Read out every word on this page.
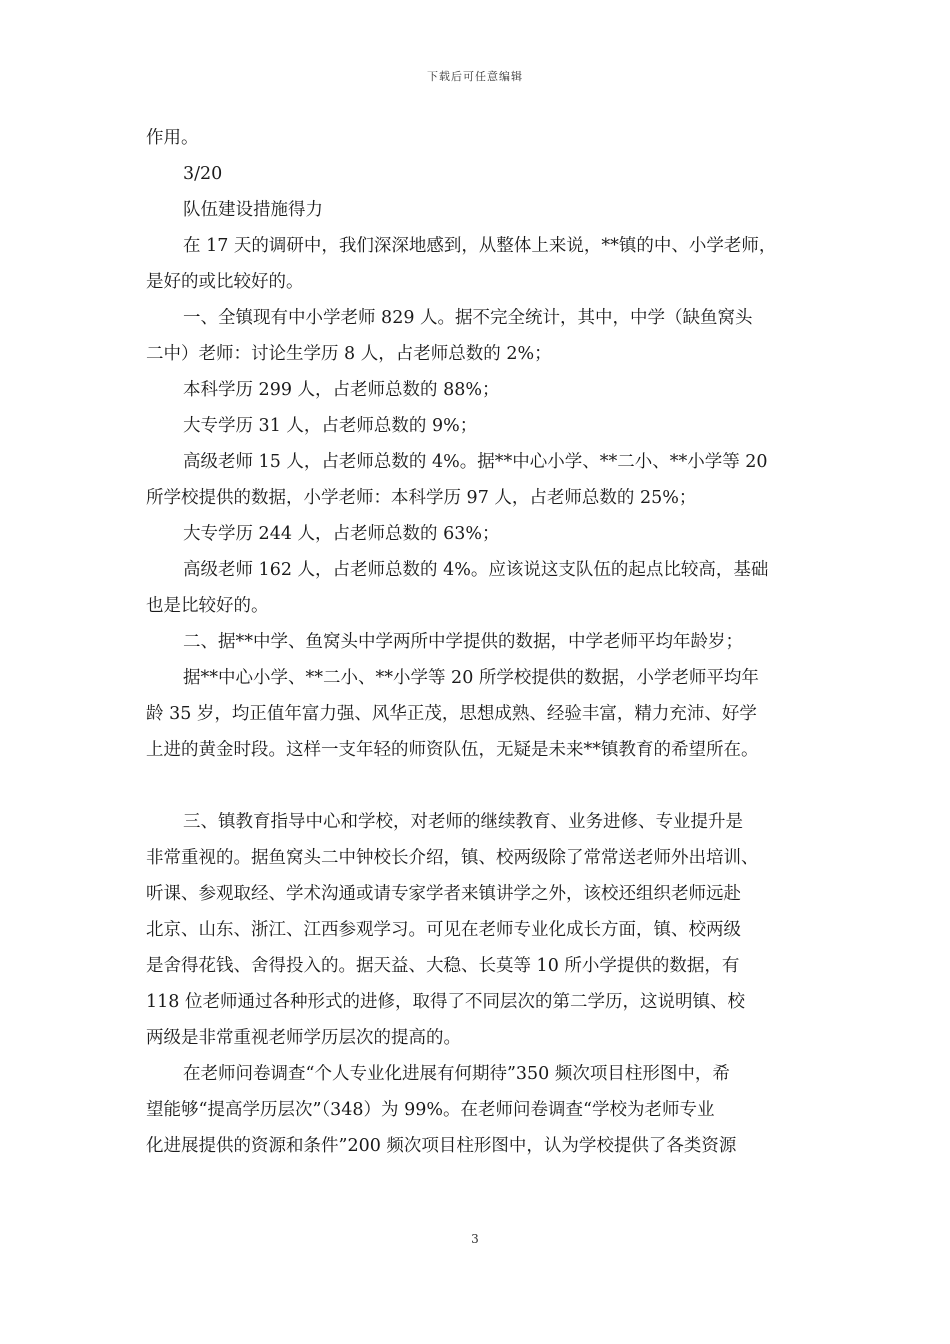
下载后可任意编辑
作用。
3/20
队伍建设措施得力
在 17 天的调研中，我们深深地感到，从整体上来说，**镇的中、小学老师，
是好的或比较好的。
一、全镇现有中小学老师 829 人。据不完全统计，其中，中学（缺鱼窝头
二中）老师：讨论生学历 8 人，占老师总数的 2%；
本科学历 299 人，占老师总数的 88%；
大专学历 31 人，占老师总数的 9%；
高级老师 15 人，占老师总数的 4%。据**中心小学、**二小、**小学等 20
所学校提供的数据，小学老师：本科学历 97 人，占老师总数的 25%；
大专学历 244 人，占老师总数的 63%；
高级老师 162 人，占老师总数的 4%。应该说这支队伍的起点比较高，基础
也是比较好的。
二、据**中学、鱼窝头中学两所中学提供的数据，中学老师平均年龄岁；
据**中心小学、**二小、**小学等 20 所学校提供的数据，小学老师平均年
龄 35 岁，均正值年富力强、风华正茂，思想成熟、经验丰富，精力充沛、好学
上进的黄金时段。这样一支年轻的师资队伍，无疑是未来**镇教育的希望所在。
三、镇教育指导中心和学校，对老师的继续教育、业务进修、专业提升是
非常重视的。据鱼窝头二中钟校长介绍，镇、校两级除了常常送老师外出培训、
听课、参观取经、学术沟通或请专家学者来镇讲学之外，该校还组织老师远赴
北京、山东、浙江、江西参观学习。可见在老师专业化成长方面，镇、校两级
是舍得花钱、舍得投入的。据天益、大稳、长莫等 10 所小学提供的数据，有
118 位老师通过各种形式的进修，取得了不同层次的第二学历，这说明镇、校
两级是非常重视老师学历层次的提高的。
在老师问卷调查“个人专业化进展有何期待”350 频次项目柱形图中，希
望能够“提高学历层次”（348）为 99%。在老师问卷调查“学校为老师专业
化进展提供的资源和条件”200 频次项目柱形图中，认为学校提供了各类资源
3
